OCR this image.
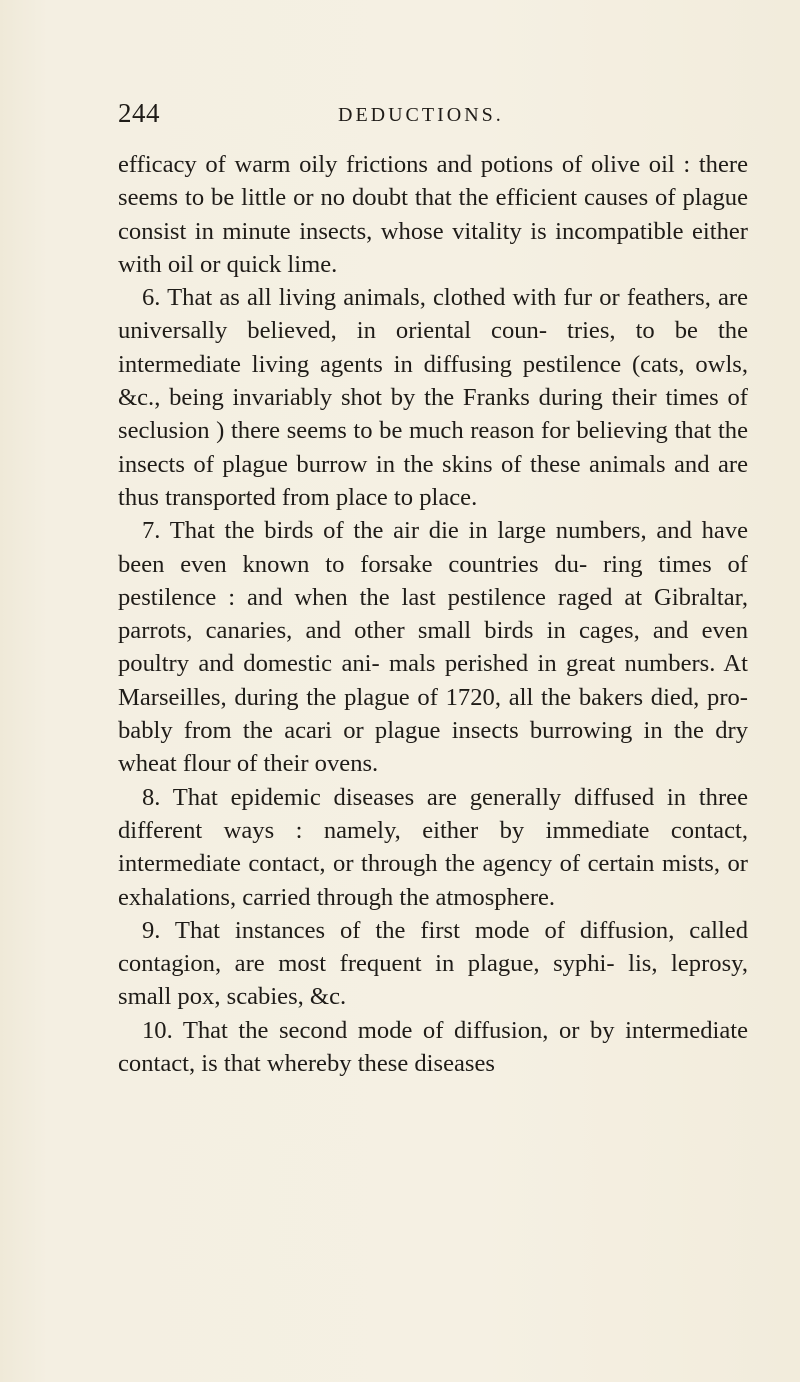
244	DEDUCTIONS.

efficacy of warm oily frictions and potions of olive oil : there seems to be little or no doubt that the efficient causes of plague consist in minute insects, whose vitality is incompatible either with oil or quick lime.

6. That as all living animals, clothed with fur or feathers, are universally believed, in oriental coun- tries, to be the intermediate living agents in diffusing pestilence (cats, owls, &c., being invariably shot by the Franks during their times of seclusion ) there seems to be much reason for believing that the insects of plague burrow in the skins of these animals and are thus transported from place to place.

7. That the birds of the air die in large numbers, and have been even known to forsake countries du- ring times of pestilence : and when the last pestilence raged at Gibraltar, parrots, canaries, and other small birds in cages, and even poultry and domestic ani- mals perished in great numbers. At Marseilles, during the plague of 1720, all the bakers died, pro- bably from the acari or plague insects burrowing in the dry wheat flour of their ovens.

8. That epidemic diseases are generally diffused in three different ways : namely, either by immediate contact, intermediate contact, or through the agency of certain mists, or exhalations, carried through the atmosphere.

9. That instances of the first mode of diffusion, called contagion, are most frequent in plague, syphi- lis, leprosy, small pox, scabies, &c.

10. That the second mode of diffusion, or by intermediate contact, is that whereby these diseases
